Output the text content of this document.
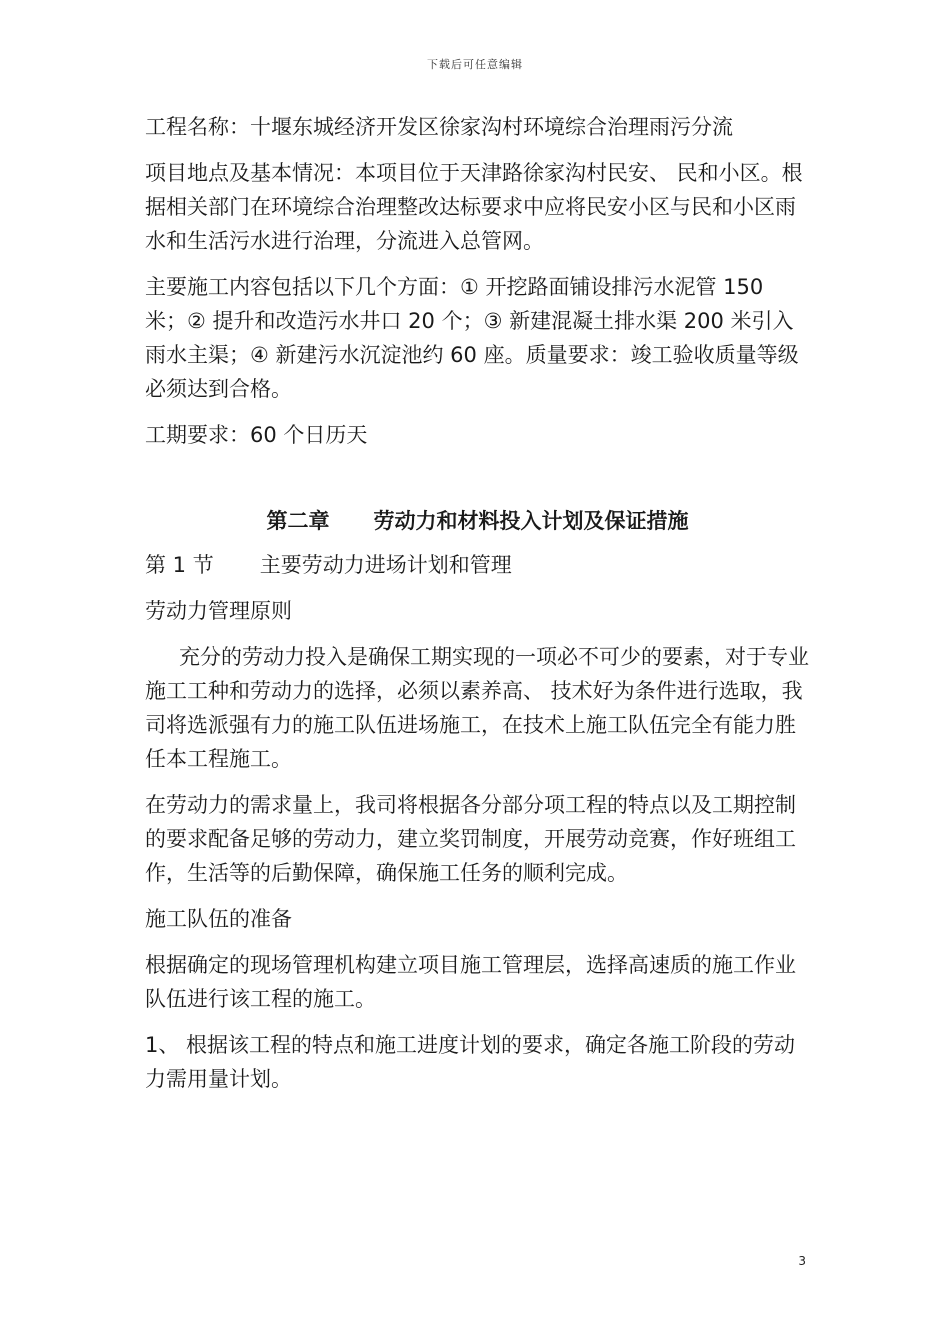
下载后可任意编辑

工程名称：十堰东城经济开发区徐家沟村环境综合治理雨污分流

项目地点及基本情况：本项目位于天津路徐家沟村民安、 民和小区。根据相关部门在环境综合治理整改达标要求中应将民安小区与民和小区雨水和生活污水进行治理，分流进入总管网。

主要施工内容包括以下几个方面：① 开挖路面铺设排污水泥管 150 米；② 提升和改造污水井口 20 个；③ 新建混凝土排水渠 200 米引入雨水主渠；④ 新建污水沉淀池约 60 座。质量要求：竣工验收质量等级必须达到合格。

工期要求：60 个日历天

第二章 劳动力和材料投入计划及保证措施

第 1 节 主要劳动力进场计划和管理

劳动力管理原则

充分的劳动力投入是确保工期实现的一项必不可少的要素，对于专业施工工种和劳动力的选择，必须以素养高、 技术好为条件进行选取，我司将选派强有力的施工队伍进场施工，在技术上施工队伍完全有能力胜任本工程施工。

在劳动力的需求量上，我司将根据各分部分项工程的特点以及工期控制的要求配备足够的劳动力，建立奖罚制度，开展劳动竞赛，作好班组工作，生活等的后勤保障，确保施工任务的顺利完成。

施工队伍的准备

根据确定的现场管理机构建立项目施工管理层，选择高速质的施工作业队伍进行该工程的施工。

1、 根据该工程的特点和施工进度计划的要求，确定各施工阶段的劳动力需用量计划。

3
